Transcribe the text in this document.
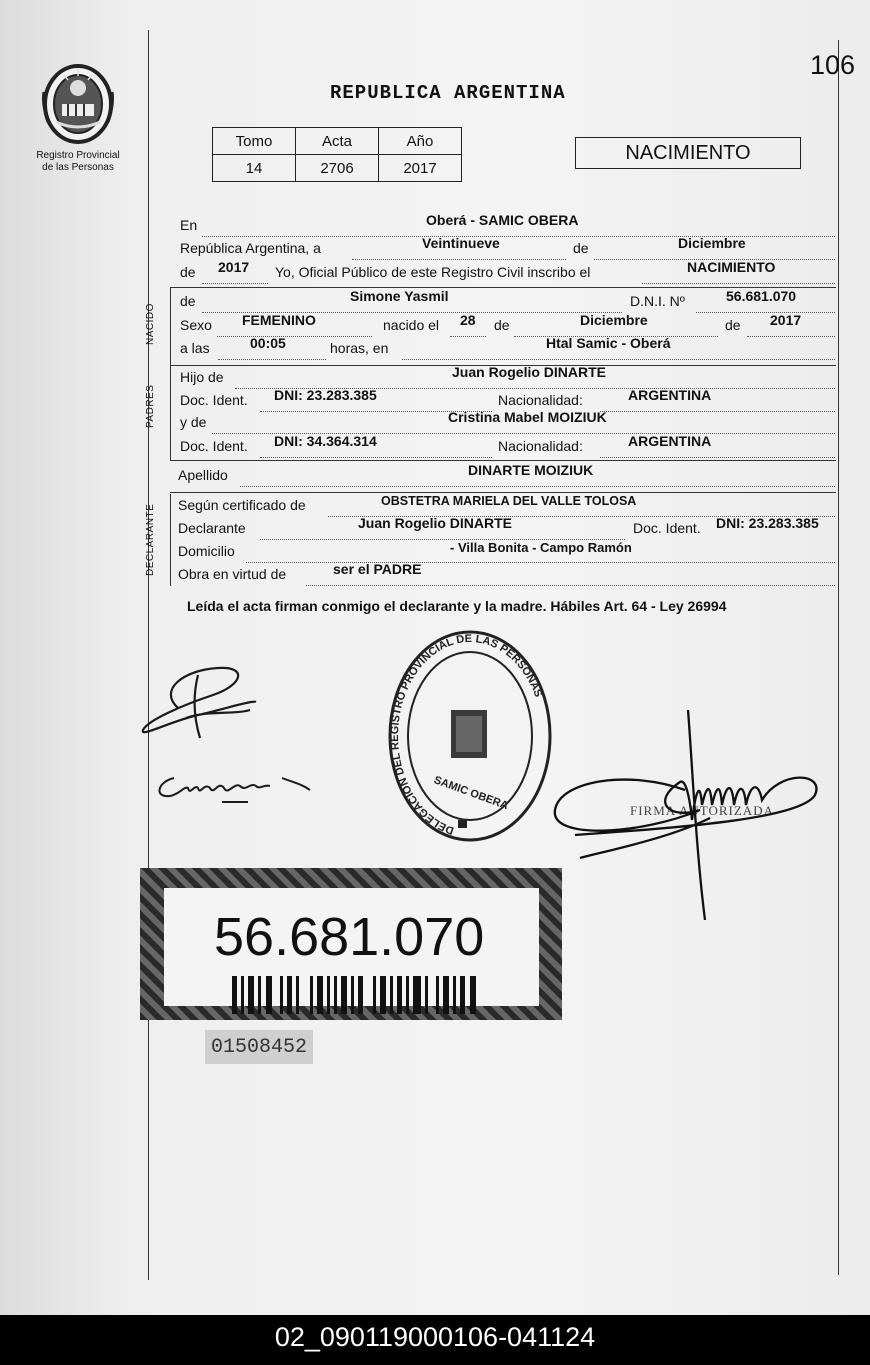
106
Registro Provincial
de las Personas
REPUBLICA ARGENTINA
Tomo	Acta	Año
14	2706	2017
NACIMIENTO
En	Oberá - SAMIC OBERA
República Argentina, a	Veintinueve	de	Diciembre
de 2017 Yo, Oficial Público de este Registro Civil inscribo el	NACIMIENTO
NACIDO
de	Simone Yasmil	D.N.I. Nº	56.681.070
Sexo FEMENINO	nacido el 28 de	Diciembre	de 2017
a las	00:05	horas, en	Htal Samic - Oberá
PADRES
Hijo de	Juan Rogelio DINARTE
Doc. Ident. DNI: 23.283.385	Nacionalidad:	ARGENTINA
y de	Cristina Mabel MOIZIUK
Doc. Ident. DNI: 34.364.314	Nacionalidad:	ARGENTINA
Apellido	DINARTE MOIZIUK
DECLARANTE Según certificado de	OBSTETRA MARIELA DEL VALLE TOLOSA
Declarante	Juan Rogelio DINARTE	Doc. Ident. DNI: 23.283.385
Domicilio	- Villa Bonita - Campo Ramón
Obra en virtud de	ser el PADRE
Leída el acta firman conmigo el declarante y la madre. Hábiles Art. 64 - Ley 26994
DELEGACION DEL REGISTRO PROVINCIAL DE LAS PERSONAS
SAMIC OBERA	FIRMA AUTORIZADA
56.681.070
01508452
02_090119000106-041124
